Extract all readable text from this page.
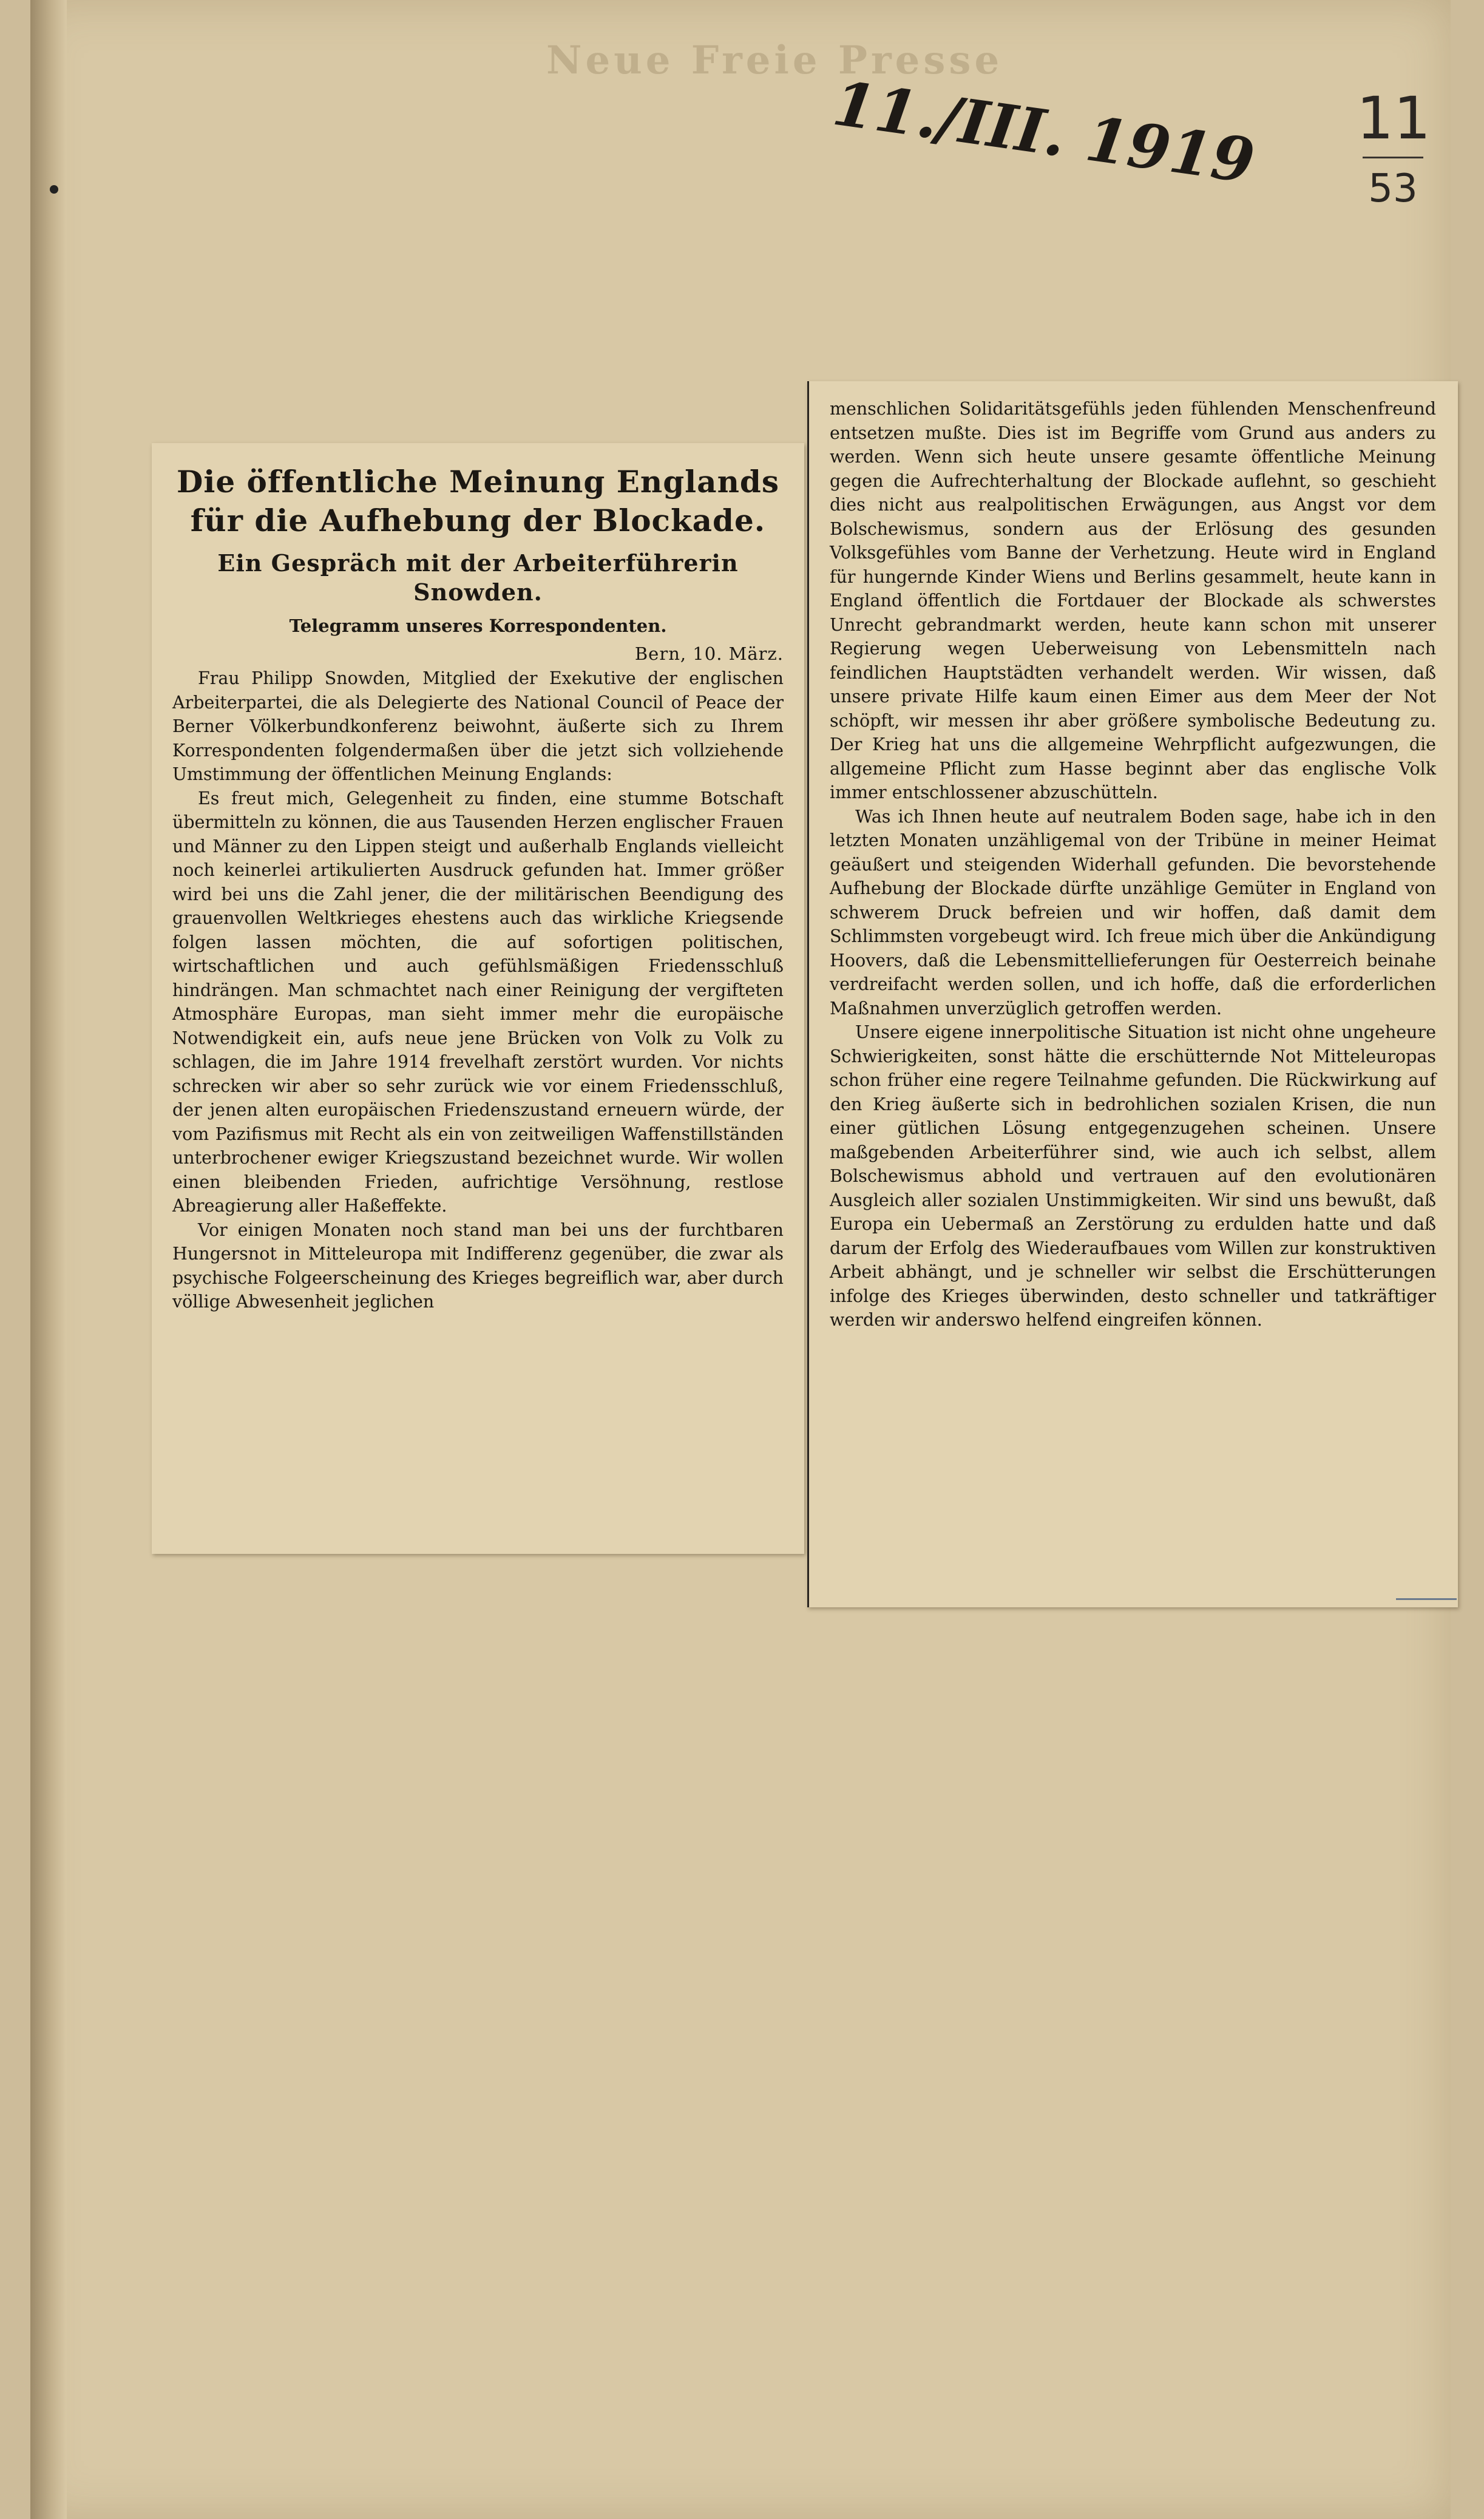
Neue Freie Presse
11./III. 1919 11
53
Die öffentliche Meinung Englands für die Aufhebung der Blockade.
Ein Gespräch mit der Arbeiterführerin Snowden.
Telegramm unseres Korrespondenten.
Bern, 10. März.

Frau Philipp Snowden, Mitglied der Exekutive der englischen Arbeiterpartei, die als Delegierte des National Council of Peace der Berner Völkerbundkonferenz beiwohnt, äußerte sich zu Ihrem Korrespondenten folgendermaßen über die jetzt sich vollziehende Umstimmung der öffentlichen Meinung Englands:

Es freut mich, Gelegenheit zu finden, eine stumme Botschaft übermitteln zu können, die aus Tausenden Herzen englischer Frauen und Männer zu den Lippen steigt und außerhalb Englands vielleicht noch keinerlei artikulierten Ausdruck gefunden hat. Immer größer wird bei uns die Zahl jener, die der militärischen Beendigung des grauenvollen Weltkrieges ehestens auch das wirkliche Kriegsende folgen lassen möchten, die auf sofortigen politischen, wirtschaftlichen und auch gefühlsmäßigen Friedensschluß hindrängen. Man schmachtet nach einer Reinigung der vergifteten Atmosphäre Europas, man sieht immer mehr die europäische Notwendigkeit ein, aufs neue jene Brücken von Volk zu Volk zu schlagen, die im Jahre 1914 frevelhaft zerstört wurden. Vor nichts schrecken wir aber so sehr zurück wie vor einem Friedensschluß, der jenen alten europäischen Friedenszustand erneuern würde, der vom Pazifismus mit Recht als ein von zeitweiligen Waffenstillständen unterbrochener ewiger Kriegszustand bezeichnet wurde. Wir wollen einen bleibenden Frieden, aufrichtige Versöhnung, restlose Abreagierung aller Haßeffekte.

Vor einigen Monaten noch stand man bei uns der furchtbaren Hungersnot in Mitteleuropa mit Indifferenz gegenüber, die zwar als psychische Folgeerscheinung des Krieges begreiflich war, aber durch völlige Abwesenheit jeglichen

menschlichen Solidaritätsgefühls jeden fühlenden Menschenfreund entsetzen mußte. Dies ist im Begriffe vom Grund aus anders zu werden. Wenn sich heute unsere gesamte öffentliche Meinung gegen die Aufrechterhaltung der Blockade auflehnt, so geschieht dies nicht aus realpolitischen Erwägungen, aus Angst vor dem Bolschewismus, sondern aus der Erlösung des gesunden Volksgefühles vom Banne der Verhetzung. Heute wird in England für hungernde Kinder Wiens und Berlins gesammelt, heute kann in England öffentlich die Fortdauer der Blockade als schwerstes Unrecht gebrandmarkt werden, heute kann schon mit unserer Regierung wegen Ueberweisung von Lebensmitteln nach feindlichen Hauptstädten verhandelt werden. Wir wissen, daß unsere private Hilfe kaum einen Eimer aus dem Meer der Not schöpft, wir messen ihr aber größere symbolische Bedeutung zu. Der Krieg hat uns die allgemeine Wehrpflicht aufgezwungen, die allgemeine Pflicht zum Hasse beginnt aber das englische Volk immer entschlossener abzuschütteln.

Was ich Ihnen heute auf neutralem Boden sage, habe ich in den letzten Monaten unzähligemal von der Tribüne in meiner Heimat geäußert und steigenden Widerhall gefunden. Die bevorstehende Aufhebung der Blockade dürfte unzählige Gemüter in England von schwerem Druck befreien und wir hoffen, daß damit dem Schlimmsten vorgebeugt wird. Ich freue mich über die Ankündigung Hoovers, daß die Lebensmittellieferungen für Oesterreich beinahe verdreifacht werden sollen, und ich hoffe, daß die erforderlichen Maßnahmen unverzüglich getroffen werden.

Unsere eigene innerpolitische Situation ist nicht ohne ungeheure Schwierigkeiten, sonst hätte die erschütternde Not Mitteleuropas schon früher eine regere Teilnahme gefunden. Die Rückwirkung auf den Krieg äußerte sich in bedrohlichen sozialen Krisen, die nun einer gütlichen Lösung entgegenzugehen scheinen. Unsere maßgebenden Arbeiterführer sind, wie auch ich selbst, allem Bolschewismus abhold und vertrauen auf den evolutionären Ausgleich aller sozialen Unstimmigkeiten. Wir sind uns bewußt, daß Europa ein Uebermaß an Zerstörung zu erdulden hatte und daß darum der Erfolg des Wiederaufbaues vom Willen zur konstruktiven Arbeit abhängt, und je schneller wir selbst die Erschütterungen infolge des Krieges überwinden, desto schneller und tatkräftiger werden wir anderswo helfend eingreifen können.
